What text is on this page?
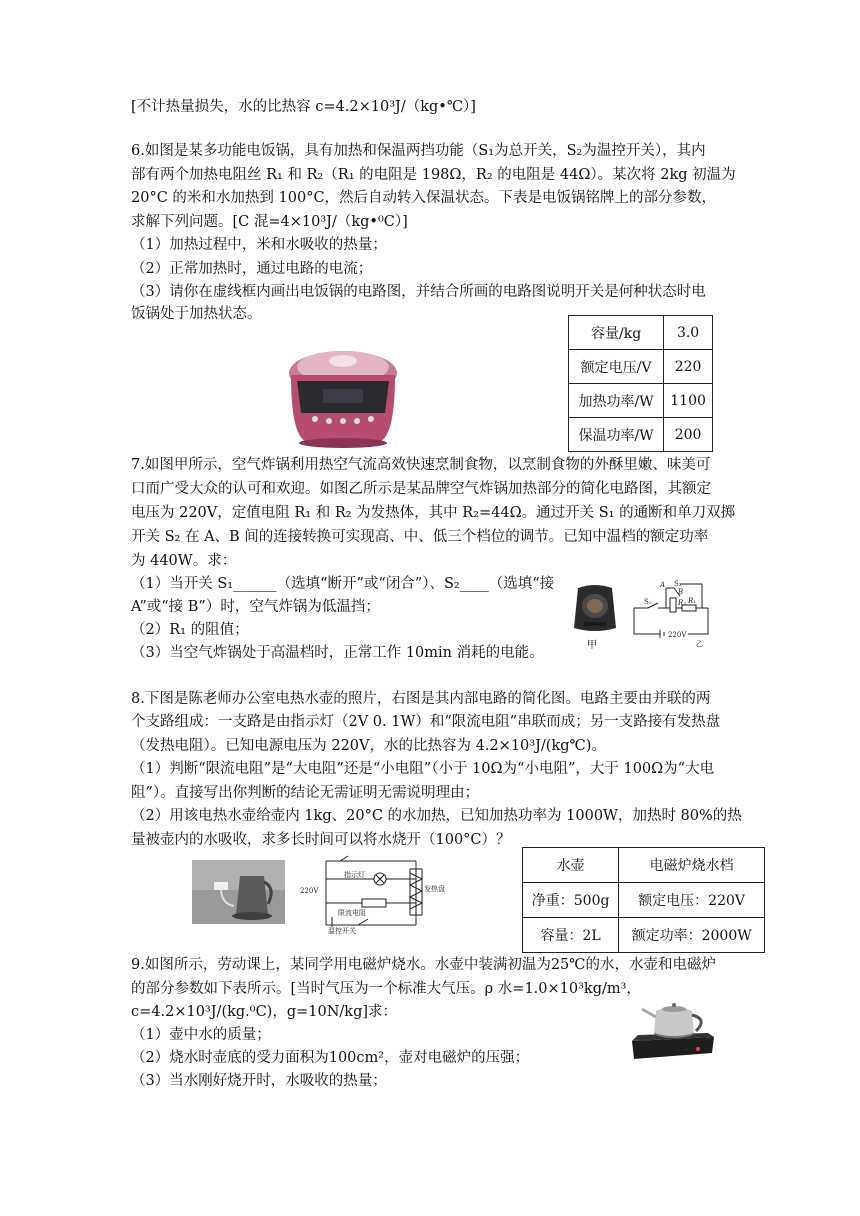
[不计热量损失，水的比热容 c=4.2×10³J/（kg•℃）]
6.如图是某多功能电饭锅，具有加热和保温两挡功能（S₁为总开关，S₂为温控开关），其内
部有两个加热电阻丝 R₁ 和 R₂（R₁ 的电阻是 198Ω，R₂ 的电阻是 44Ω）。某次将 2kg 初温为
20°C 的米和水加热到 100°C，然后自动转入保温状态。下表是电饭锅铭牌上的部分参数，
求解下列问题。[C 混=4×10³J/（kg•⁰C）]
（1）加热过程中，米和水吸收的热量；
（2）正常加热时，通过电路的电流；
（3）请你在虚线框内画出电饭锅的电路图，并结合所画的电路图说明开关是何种状态时电
饭锅处于加热状态。
7.如图甲所示，空气炸锅利用热空气流高效快速烹制食物，以烹制食物的外酥里嫩、味美可
口而广受大众的认可和欢迎。如图乙所示是某品牌空气炸锅加热部分的简化电路图，其额定
电压为 220V，定值电阻 R₁ 和 R₂ 为发热体，其中 R₂=44Ω。通过开关 S₁ 的通断和单刀双掷
开关 S₂ 在 A、B 间的连接转换可实现高、中、低三个档位的调节。已知中温档的额定功率
为 440W。求：
（1）当开关 S₁______（选填“断开”或“闭合”）、S₂____（选填“接
A”或“接 B”）时，空气炸锅为低温挡；
（2）R₁ 的阻值；
（3）当空气炸锅处于高温档时，正常工作 10min 消耗的电能。
8.下图是陈老师办公室电热水壶的照片，右图是其内部电路的简化图。电路主要由并联的两
个支路组成：一支路是由指示灯（2V 0. 1W）和“限流电阻”串联而成；另一支路接有发热盘
（发热电阻）。已知电源电压为 220V，水的比热容为 4.2×10³J/(kg℃)。
（1）判断“限流电阻”是“大电阻”还是“小电阻”（小于 10Ω为“小电阻”，大于 100Ω为“大电
阻”）。直接写出你判断的结论无需证明无需说明理由；
（2）用该电热水壶给壶内 1kg、20°C 的水加热，已知加热功率为 1000W，加热时 80%的热
量被壶内的水吸收，求多长时间可以将水烧开（100°C）？
9.如图所示，劳动课上，某同学用电磁炉烧水。水壶中装满初温为25℃的水，水壶和电磁炉
的部分参数如下表所示。[当时气压为一个标准大气压。ρ 水=1.0×10³kg/m³，
c=4.2×10³J/(kg.⁰C)，g=10N/kg]求：
（1）壶中水的质量；
（2）烧水时壶底的受力面积为100cm²，壶对电磁炉的压强；
（3）当水刚好烧开时，水吸收的热量；
容量/kg	3.0
额定电压/V	220
加热功率/W	1100
保温功率/W	200
甲
S₂
A
B
S₁	R₂ R₁
220V
乙
220V
指示灯
限流电阻
温控开关
发热盘
水壶	电磁炉烧水档
净重：500g	额定电压：220V
容量：2L	额定功率：2000W
